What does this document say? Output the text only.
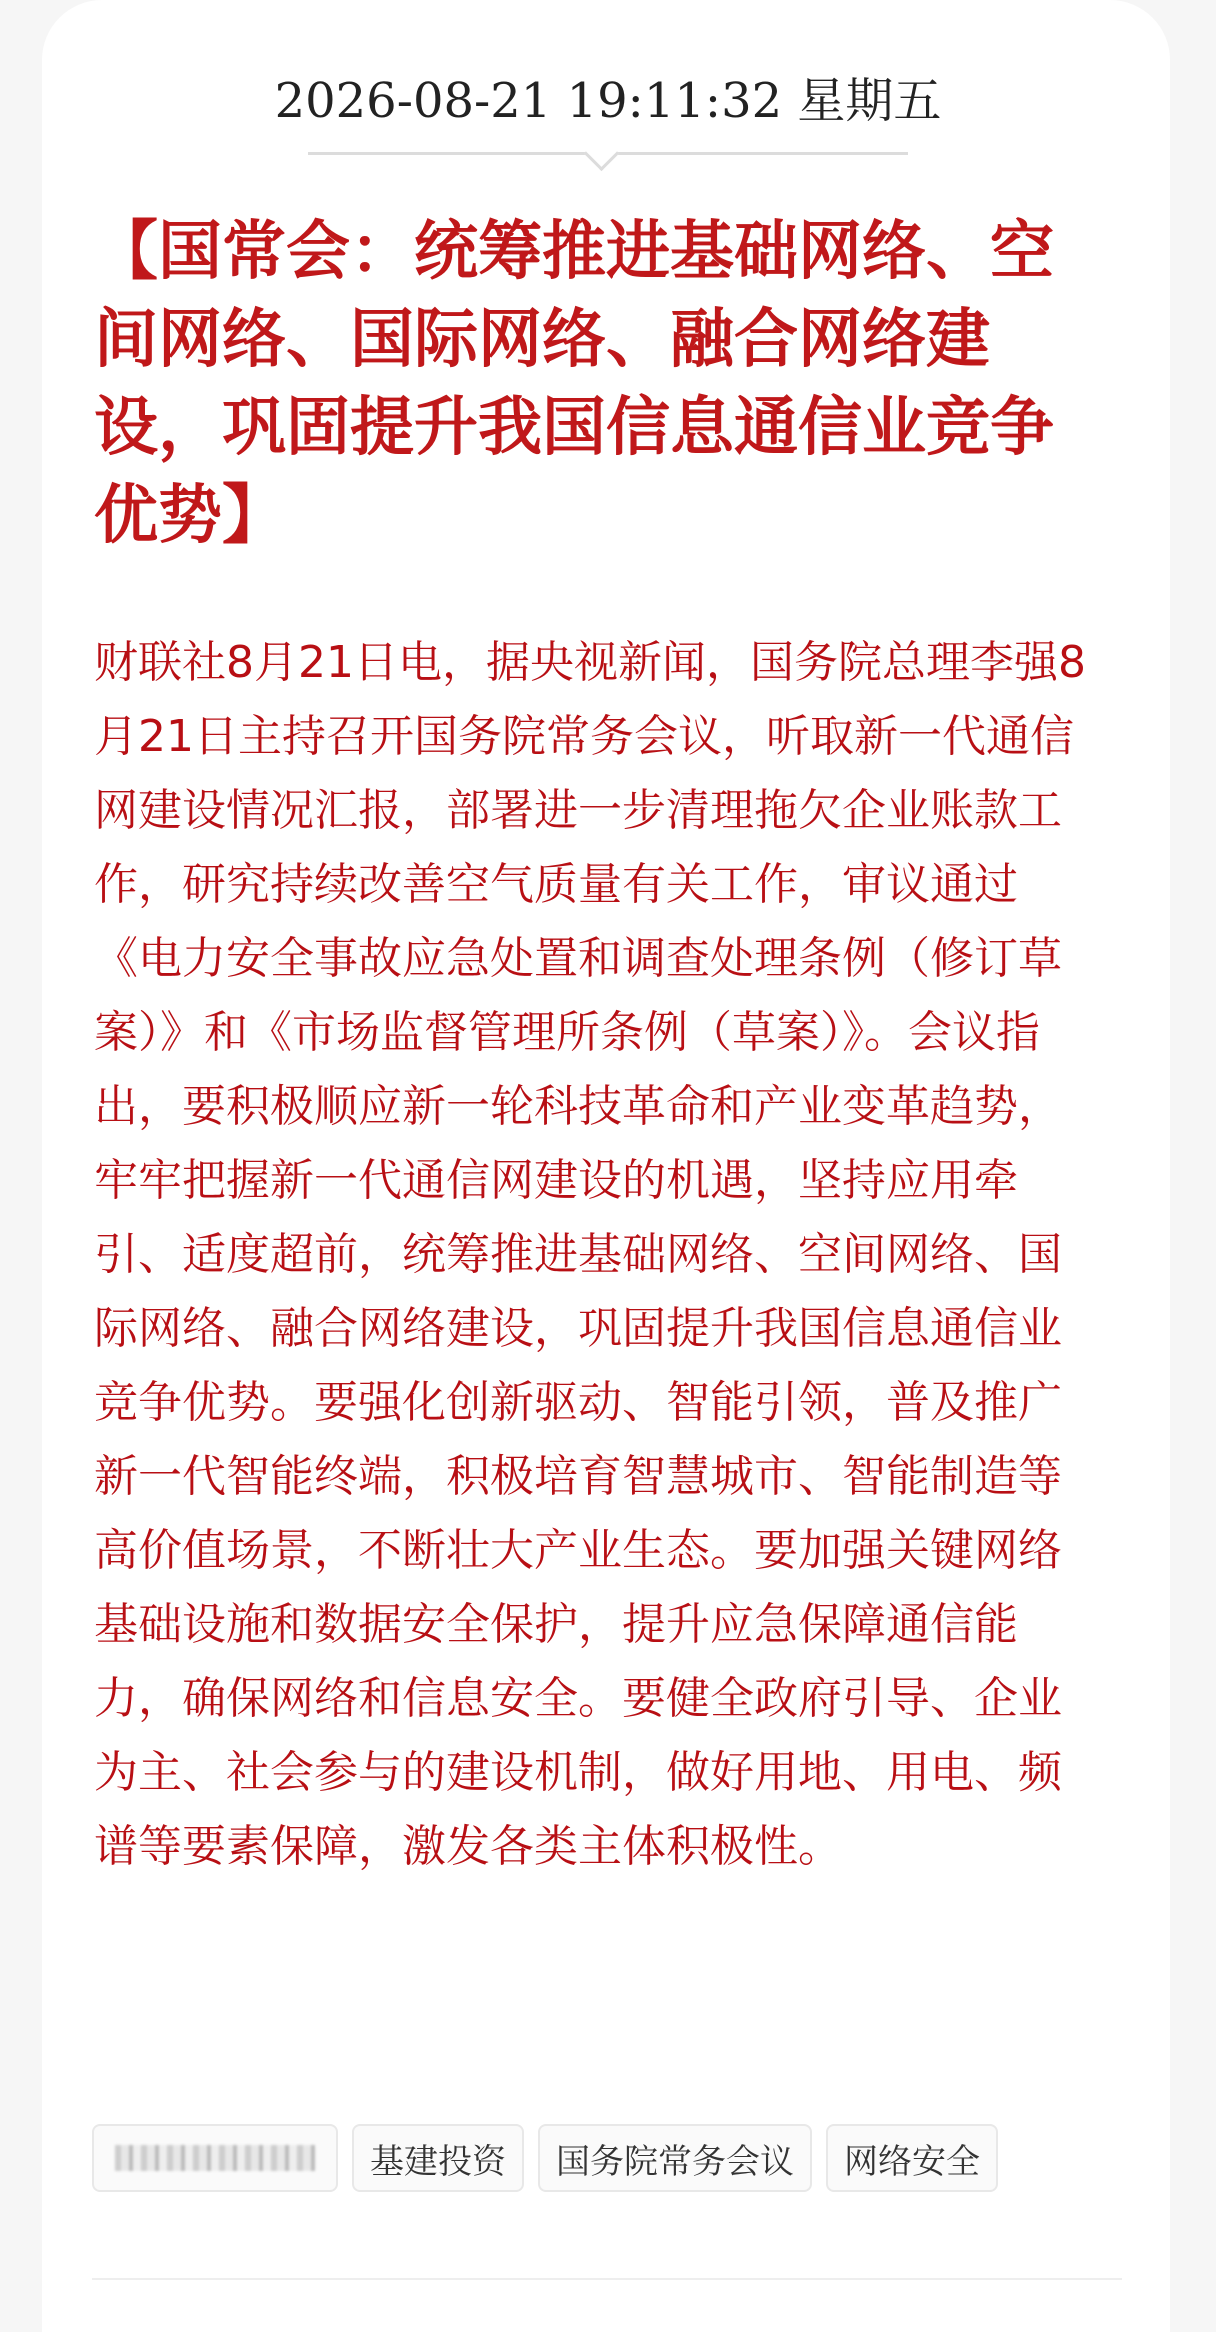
2026-08-21 19:11:32 星期五
【国常会：统筹推进基础网络、空间网络、国际网络、融合网络建设，巩固提升我国信息通信业竞争优势】

财联社8月21日电，据央视新闻，国务院总理李强8月21日主持召开国务院常务会议，听取新一代通信网建设情况汇报，部署进一步清理拖欠企业账款工作，研究持续改善空气质量有关工作，审议通过《电力安全事故应急处置和调查处理条例（修订草案）》和《市场监督管理所条例（草案）》。会议指出，要积极顺应新一轮科技革命和产业变革趋势，牢牢把握新一代通信网建设的机遇，坚持应用牵引、适度超前，统筹推进基础网络、空间网络、国际网络、融合网络建设，巩固提升我国信息通信业竞争优势。要强化创新驱动、智能引领，普及推广新一代智能终端，积极培育智慧城市、智能制造等高价值场景，不断壮大产业生态。要加强关键网络基础设施和数据安全保护，提升应急保障通信能力，确保网络和信息安全。要健全政府引导、企业为主、社会参与的建设机制，做好用地、用电、频谱等要素保障，激发各类主体积极性。

基建投资	国务院常务会议	网络安全
